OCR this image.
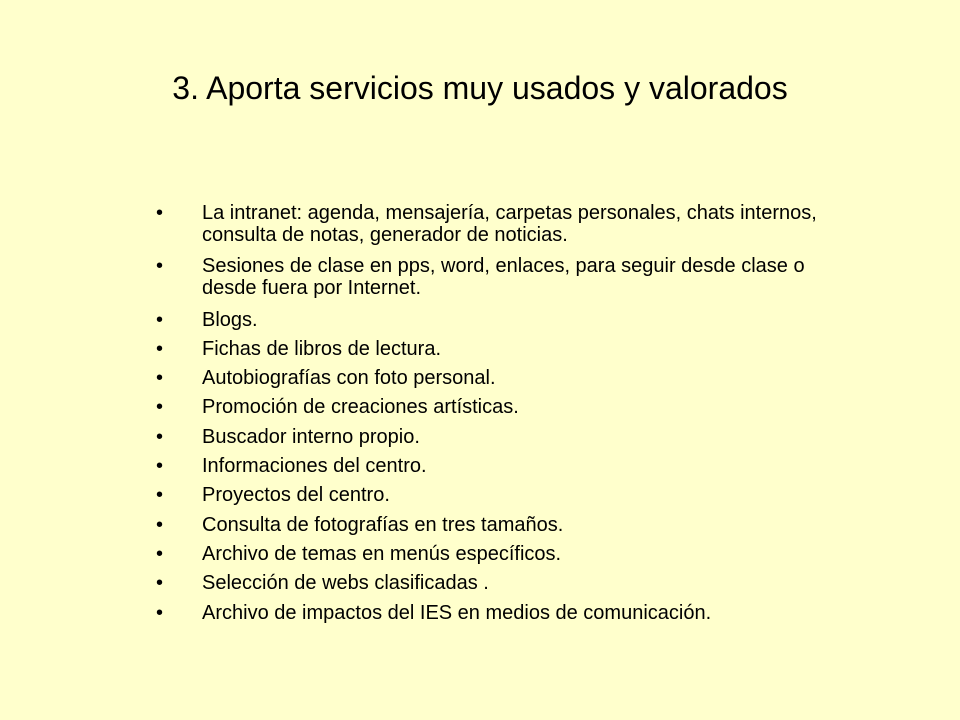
3. Aporta servicios muy usados y valorados
• La intranet: agenda, mensajería, carpetas personales, chats internos, consulta de notas, generador de noticias.
• Sesiones de clase en pps, word, enlaces, para seguir desde clase o desde fuera por Internet.
• Blogs.
• Fichas de libros de lectura.
• Autobiografías con foto personal.
• Promoción de creaciones artísticas.
• Buscador interno propio.
• Informaciones del centro.
• Proyectos del centro.
• Consulta de fotografías en tres tamaños.
• Archivo de temas en menús específicos.
• Selección de webs clasificadas .
• Archivo de impactos del IES en medios de comunicación.
